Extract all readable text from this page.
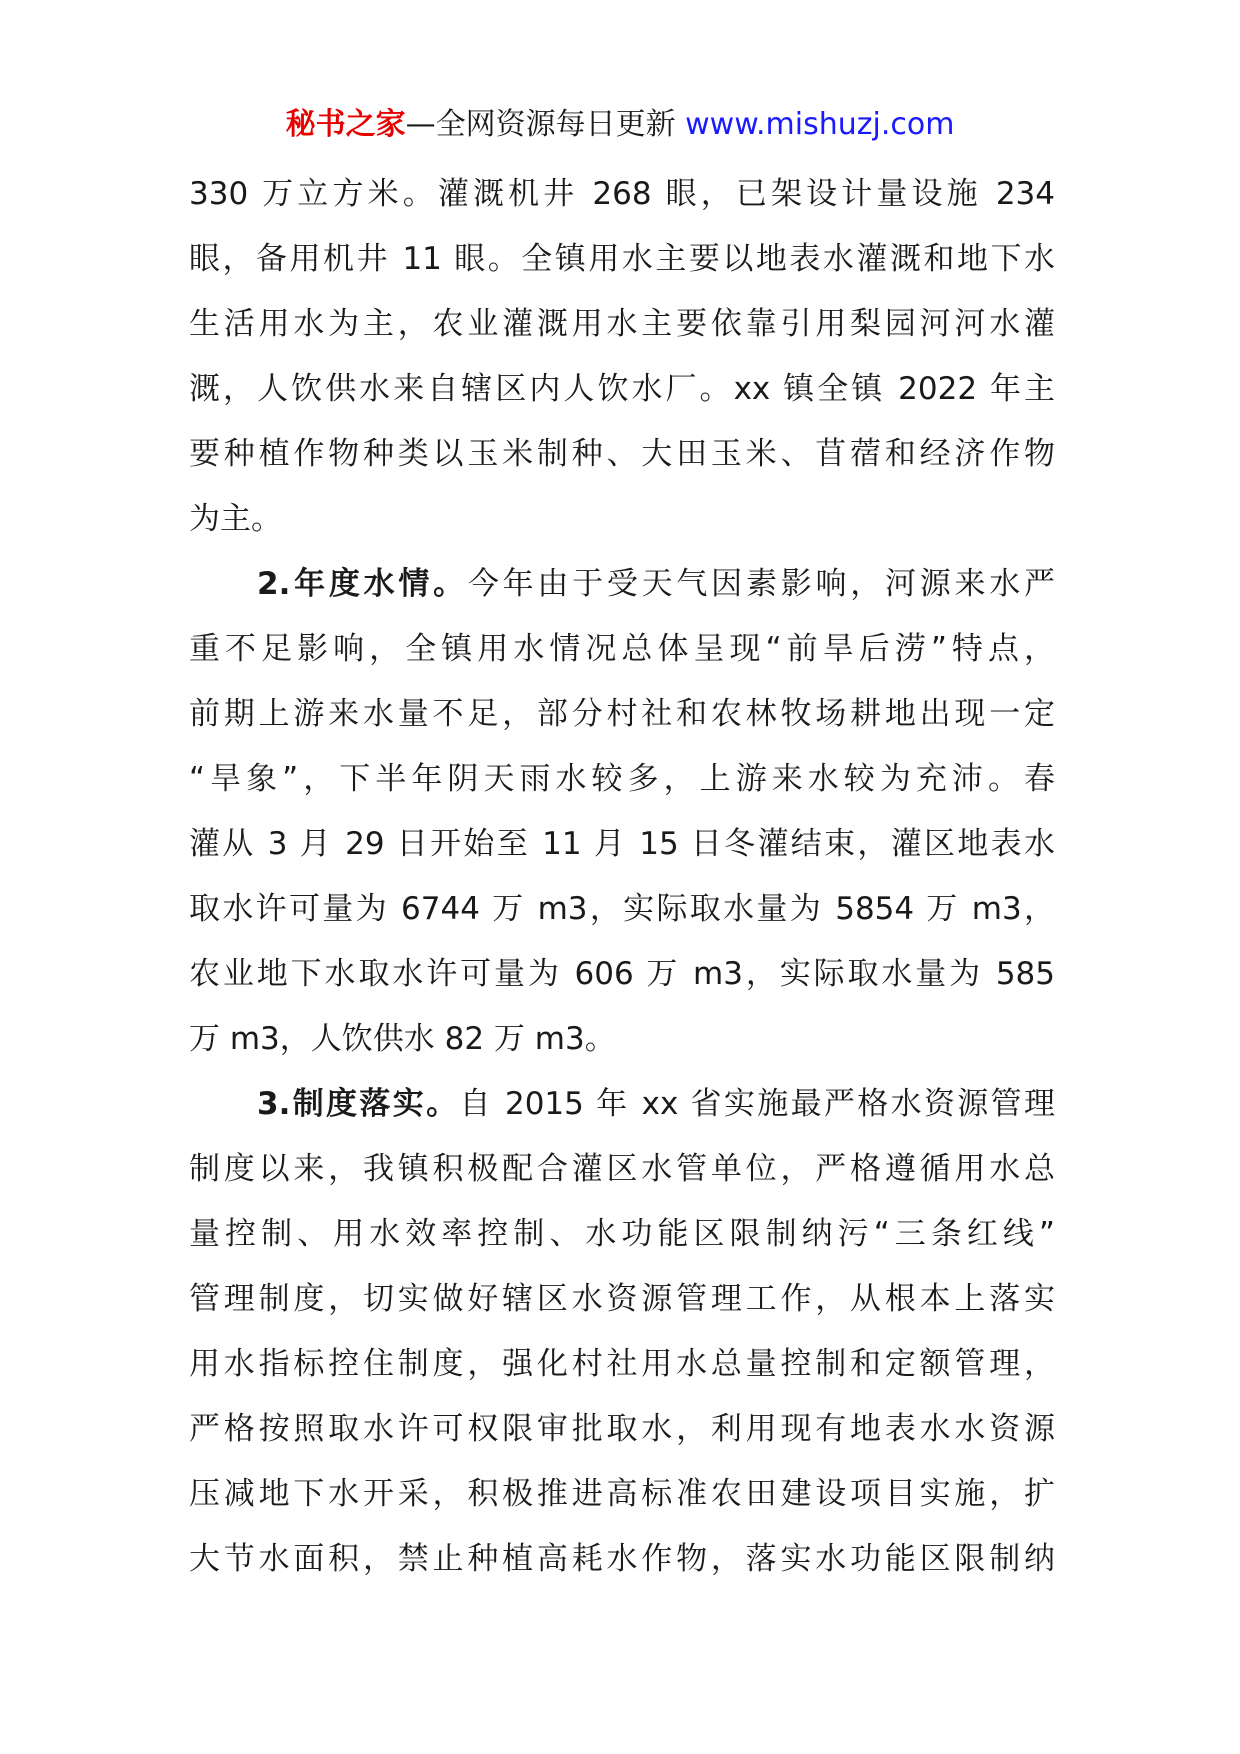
秘书之家—全网资源每日更新 www.mishuzj.com
330 万立方米。灌溉机井 268 眼，已架设计量设施 234
眼，备用机井 11 眼。全镇用水主要以地表水灌溉和地下水
生活用水为主，农业灌溉用水主要依靠引用梨园河河水灌
溉，人饮供水来自辖区内人饮水厂。xx 镇全镇 2022 年主
要种植作物种类以玉米制种、大田玉米、苜蓿和经济作物
为主。
2.年度水情。今年由于受天气因素影响，河源来水严
重不足影响，全镇用水情况总体呈现“前旱后涝”特点，
前期上游来水量不足，部分村社和农林牧场耕地出现一定
“旱象”，下半年阴天雨水较多，上游来水较为充沛。春
灌从 3 月 29 日开始至 11 月 15 日冬灌结束，灌区地表水
取水许可量为 6744 万 m3，实际取水量为 5854 万 m3，
农业地下水取水许可量为 606 万 m3，实际取水量为 585
万 m3，人饮供水 82 万 m3。
3.制度落实。自 2015 年 xx 省实施最严格水资源管理
制度以来，我镇积极配合灌区水管单位，严格遵循用水总
量控制、用水效率控制、水功能区限制纳污“三条红线”
管理制度，切实做好辖区水资源管理工作，从根本上落实
用水指标控住制度，强化村社用水总量控制和定额管理，
严格按照取水许可权限审批取水，利用现有地表水水资源
压减地下水开采，积极推进高标准农田建设项目实施，扩
大节水面积，禁止种植高耗水作物，落实水功能区限制纳
